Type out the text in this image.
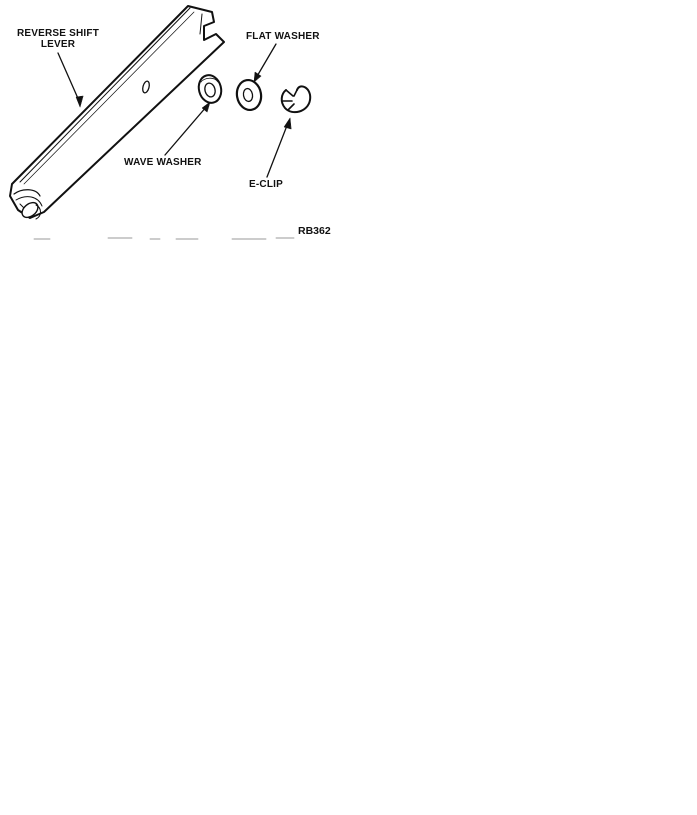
REVERSE SHIFT
LEVER
FLAT WASHER
WAVE WASHER
E-CLIP
RB362
